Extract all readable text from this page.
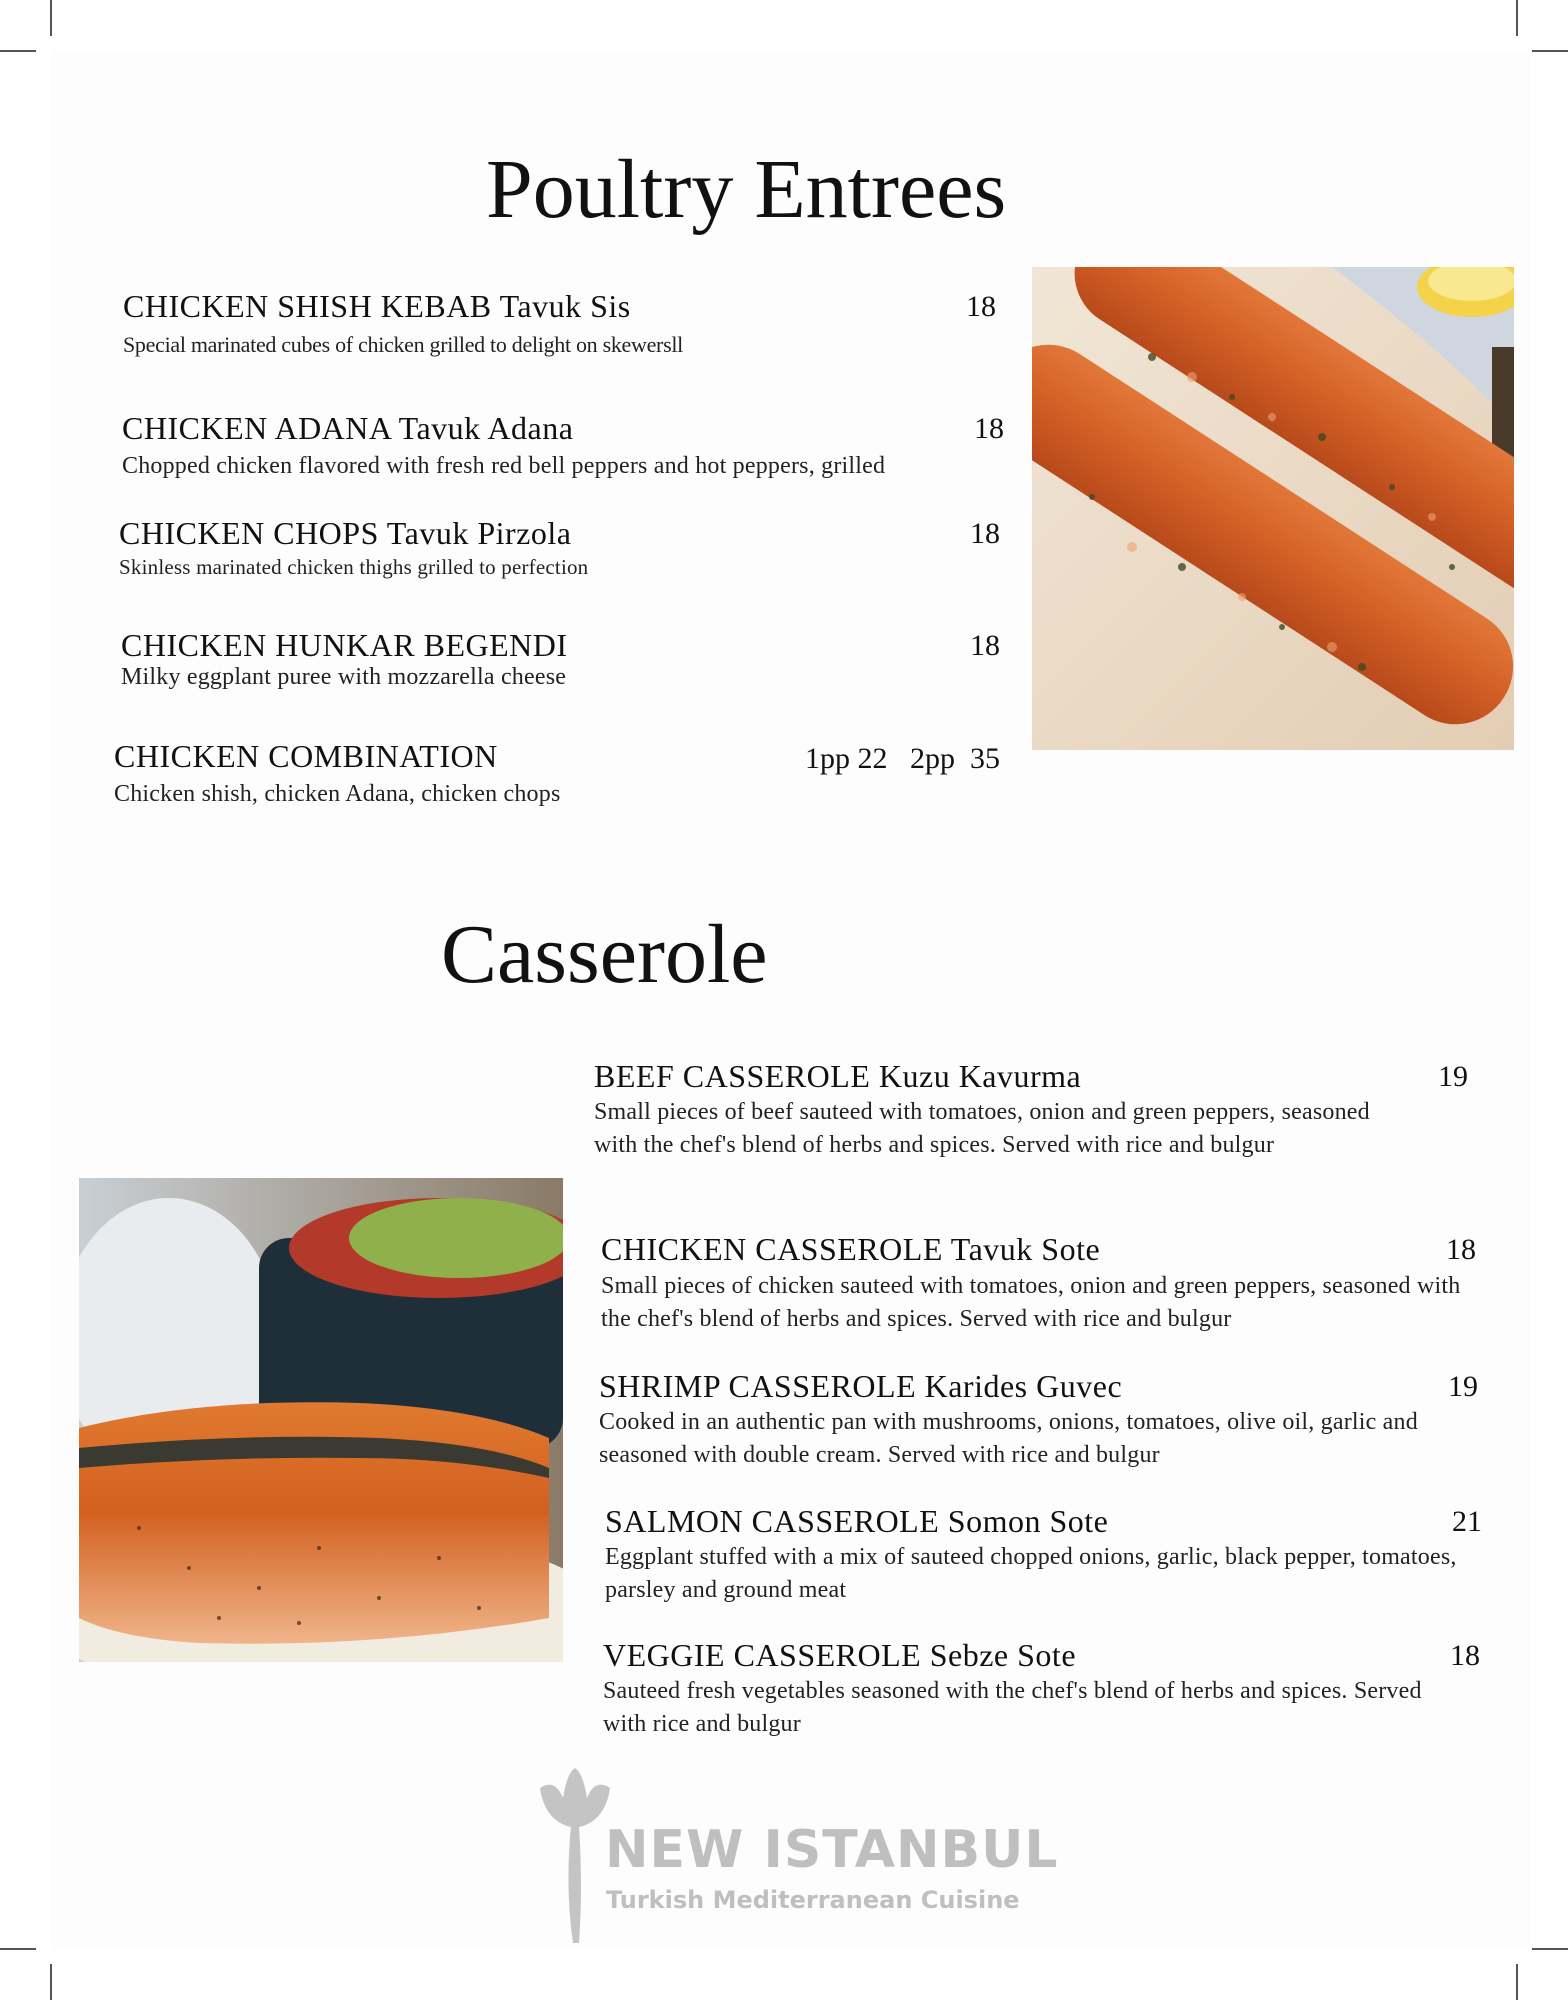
Poultry Entrees
CHICKEN SHISH KEBAB Tavuk Sis	18
Special marinated cubes of chicken grilled to delight on skewersll
CHICKEN ADANA Tavuk Adana	18
Chopped chicken flavored with fresh red bell peppers and hot peppers, grilled
CHICKEN CHOPS Tavuk Pirzola	18
Skinless marinated chicken thighs grilled to perfection
CHICKEN HUNKAR BEGENDI	18
Milky eggplant puree with mozzarella cheese
CHICKEN COMBINATION	1pp 22   2pp  35
Chicken shish, chicken Adana, chicken chops
Casserole
BEEF CASSEROLE Kuzu Kavurma	19
Small pieces of beef sauteed with tomatoes, onion and green peppers, seasoned with the chef's blend of herbs and spices. Served with rice and bulgur
CHICKEN CASSEROLE Tavuk Sote	18
Small pieces of chicken sauteed with tomatoes, onion and green peppers, seasoned with the chef's blend of herbs and spices. Served with rice and bulgur
SHRIMP CASSEROLE Karides Guvec	19
Cooked in an authentic pan with mushrooms, onions, tomatoes, olive oil, garlic and seasoned with double cream. Served with rice and bulgur
SALMON CASSEROLE Somon Sote	21
Eggplant stuffed with a mix of sauteed chopped onions, garlic, black pepper, tomatoes, parsley and ground meat
VEGGIE CASSEROLE Sebze Sote	18
Sauteed fresh vegetables seasoned with the chef's blend of herbs and spices. Served with rice and bulgur
NEW ISTANBUL
Turkish Mediterranean Cuisine
